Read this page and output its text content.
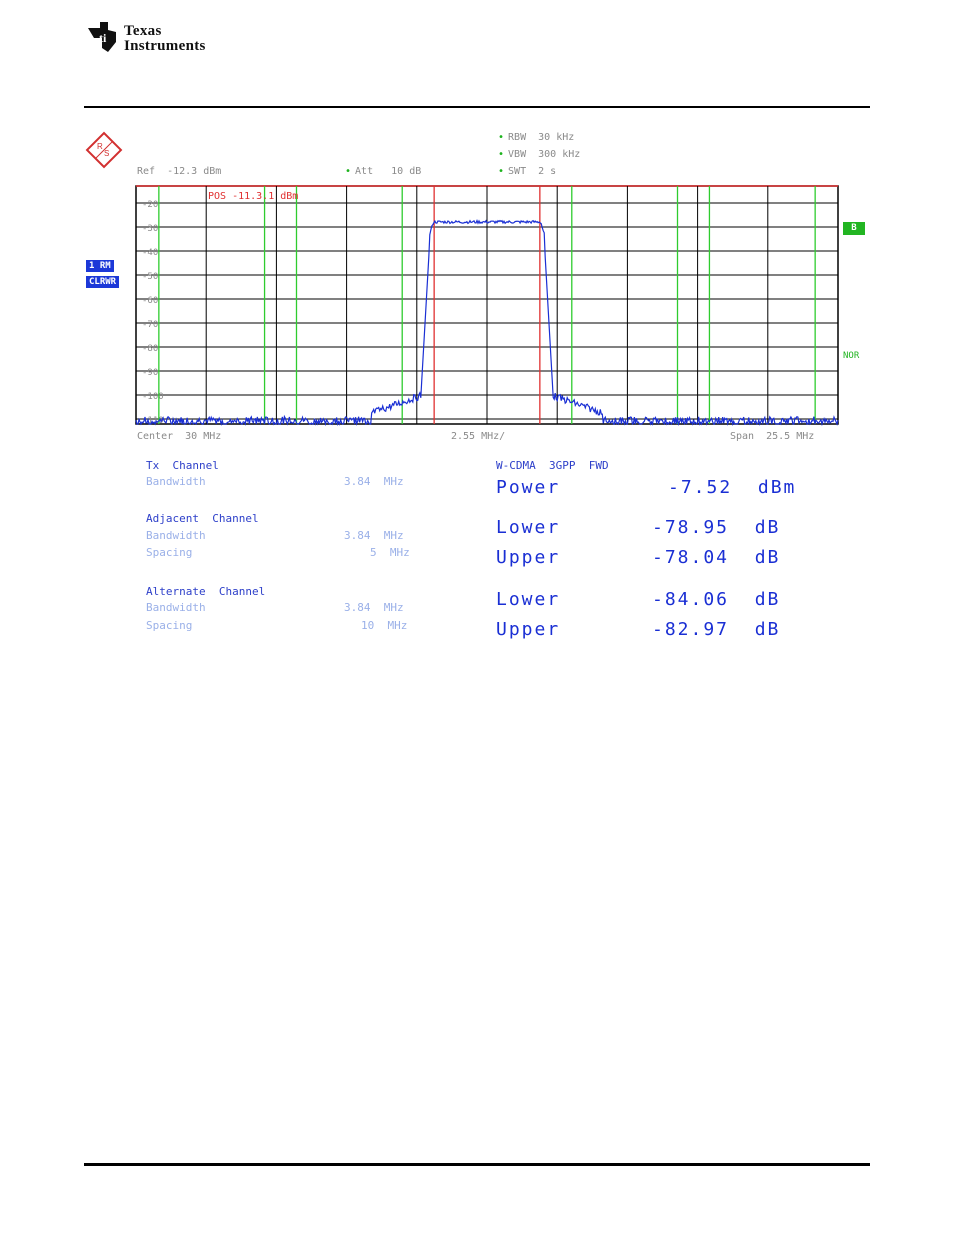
ti Texas
Instruments
R
S
Ref  -12.3 dBm
•	Att   10 dB
• RBW  30 kHz
• VBW  300 kHz
• SWT  2 s
1 RM
CLRWR
B
NOR
-20
-30
-40
-50
-60
-70
-80
-90
-100
-110
POS -11.3.1 dBm
Center  30 MHz	2.55 MHz/	Span  25.5 MHz
Tx  Channel
Bandwidth	3.84  MHz
Adjacent  Channel
Bandwidth	3.84  MHz
Spacing	5  MHz
Alternate  Channel
Bandwidth	3.84  MHz
Spacing	10  MHz
W-CDMA  3GPP  FWD
Power	-7.52  dBm
Lower	-78.95  dB
Upper	-78.04  dB
Lower	-84.06  dB
Upper	-82.97  dB
